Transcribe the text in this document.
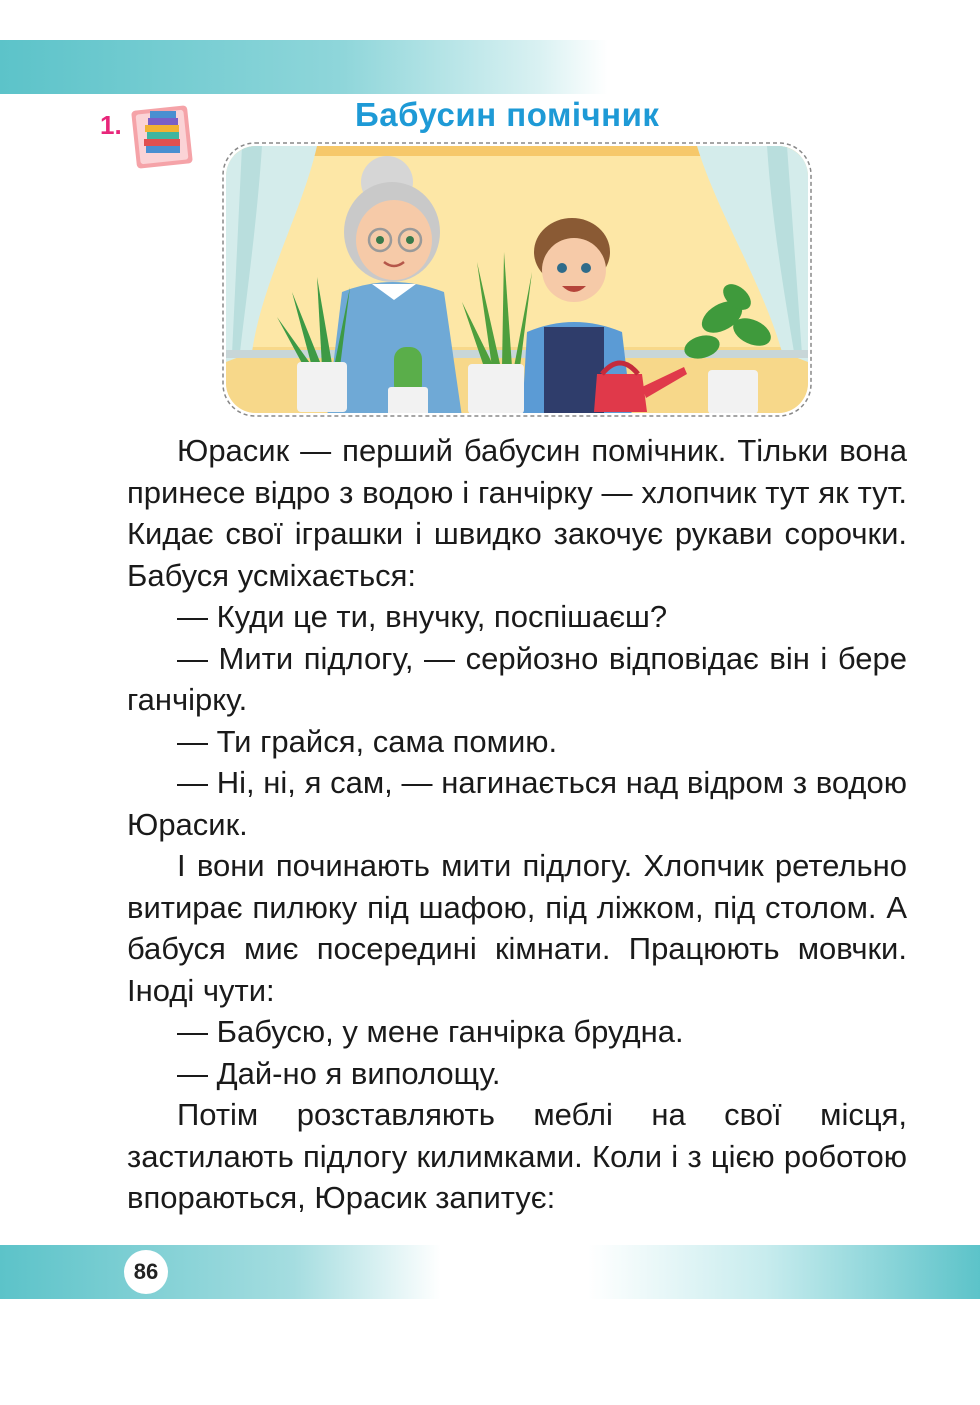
1.	Бабусин помічник

Юрасик — перший бабусин помічник. Тільки вона принесе відро з водою і ганчірку — хлопчик тут як тут. Кидає свої іграшки і швидко закочує рукави сорочки. Бабуся усміхається:

— Куди це ти, внучку, поспішаєш?

— Мити підлогу, — серйозно відповідає він і бере ганчірку.

— Ти грайся, сама помию.

— Ні, ні, я сам, — нагинається над відром з водою Юрасик.

І вони починають мити підлогу. Хлопчик ретельно витирає пилюку під шафою, під ліжком, під столом. А бабуся миє посередині кімнати. Працюють мовчки. Іноді чути:

— Бабусю, у мене ганчірка брудна.

— Дай-но я виполощу.

Потім розставляють меблі на свої місця, застилають підлогу килимками. Коли і з цією роботою впораються, Юрасик запитує:

86
